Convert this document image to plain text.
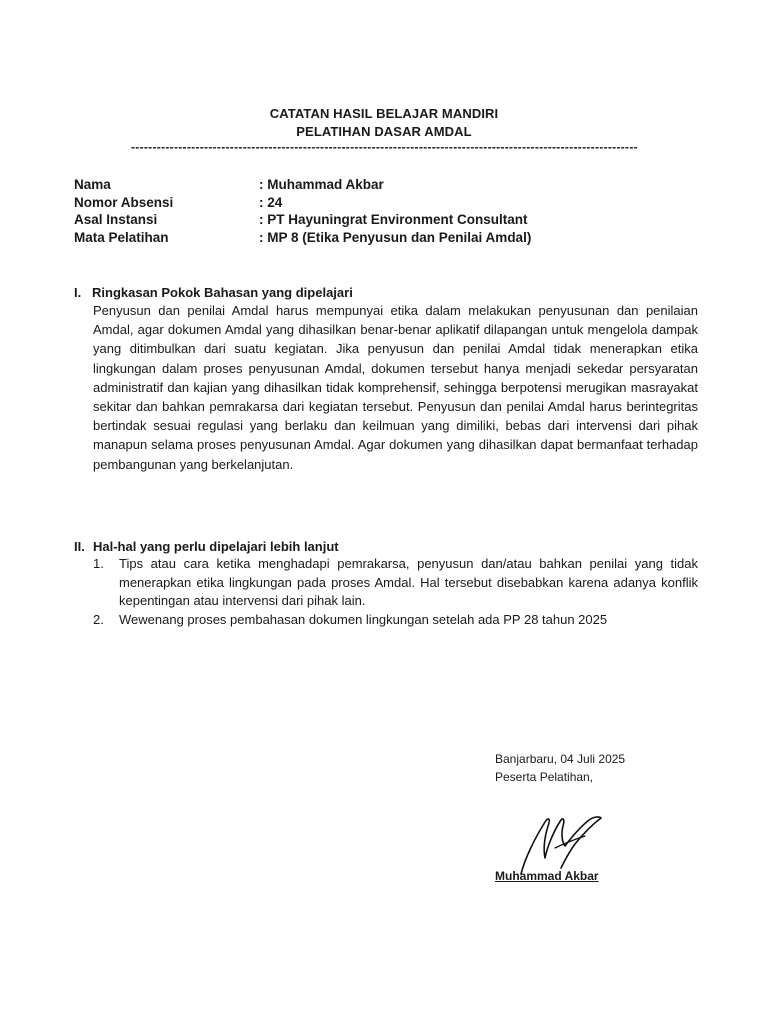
CATATAN HASIL BELAJAR MANDIRI
PELATIHAN DASAR AMDAL
----------------------------------------------------------------------------------------------------------------------
Nama	: Muhammad Akbar
Nomor Absensi	: 24
Asal Instansi	: PT Hayuningrat Environment Consultant
Mata Pelatihan	: MP 8 (Etika Penyusun dan Penilai Amdal)
I. Ringkasan Pokok Bahasan yang dipelajari

Penyusun dan penilai Amdal harus mempunyai etika dalam melakukan penyusunan dan penilaian Amdal, agar dokumen Amdal yang dihasilkan benar-benar aplikatif dilapangan untuk mengelola dampak yang ditimbulkan dari suatu kegiatan. Jika penyusun dan penilai Amdal tidak menerapkan etika lingkungan dalam proses penyusunan Amdal, dokumen tersebut hanya menjadi sekedar persyaratan administratif dan kajian yang dihasilkan tidak komprehensif, sehingga berpotensi merugikan masrayakat sekitar dan bahkan pemrakarsa dari kegiatan tersebut. Penyusun dan penilai Amdal harus berintegritas bertindak sesuai regulasi yang berlaku dan keilmuan yang dimiliki, bebas dari intervensi dari pihak manapun selama proses penyusunan Amdal. Agar dokumen yang dihasilkan dapat bermanfaat terhadap pembangunan yang berkelanjutan.

II. Hal-hal yang perlu dipelajari lebih lanjut
1.	Tips atau cara ketika menghadapi pemrakarsa, penyusun dan/atau bahkan penilai yang tidak menerapkan etika lingkungan pada proses Amdal. Hal tersebut disebabkan karena adanya konflik kepentingan atau intervensi dari pihak lain.
2.	Wewenang proses pembahasan dokumen lingkungan setelah ada PP 28 tahun 2025
Banjarbaru, 04 Juli 2025
Peserta Pelatihan,
Muhammad Akbar
